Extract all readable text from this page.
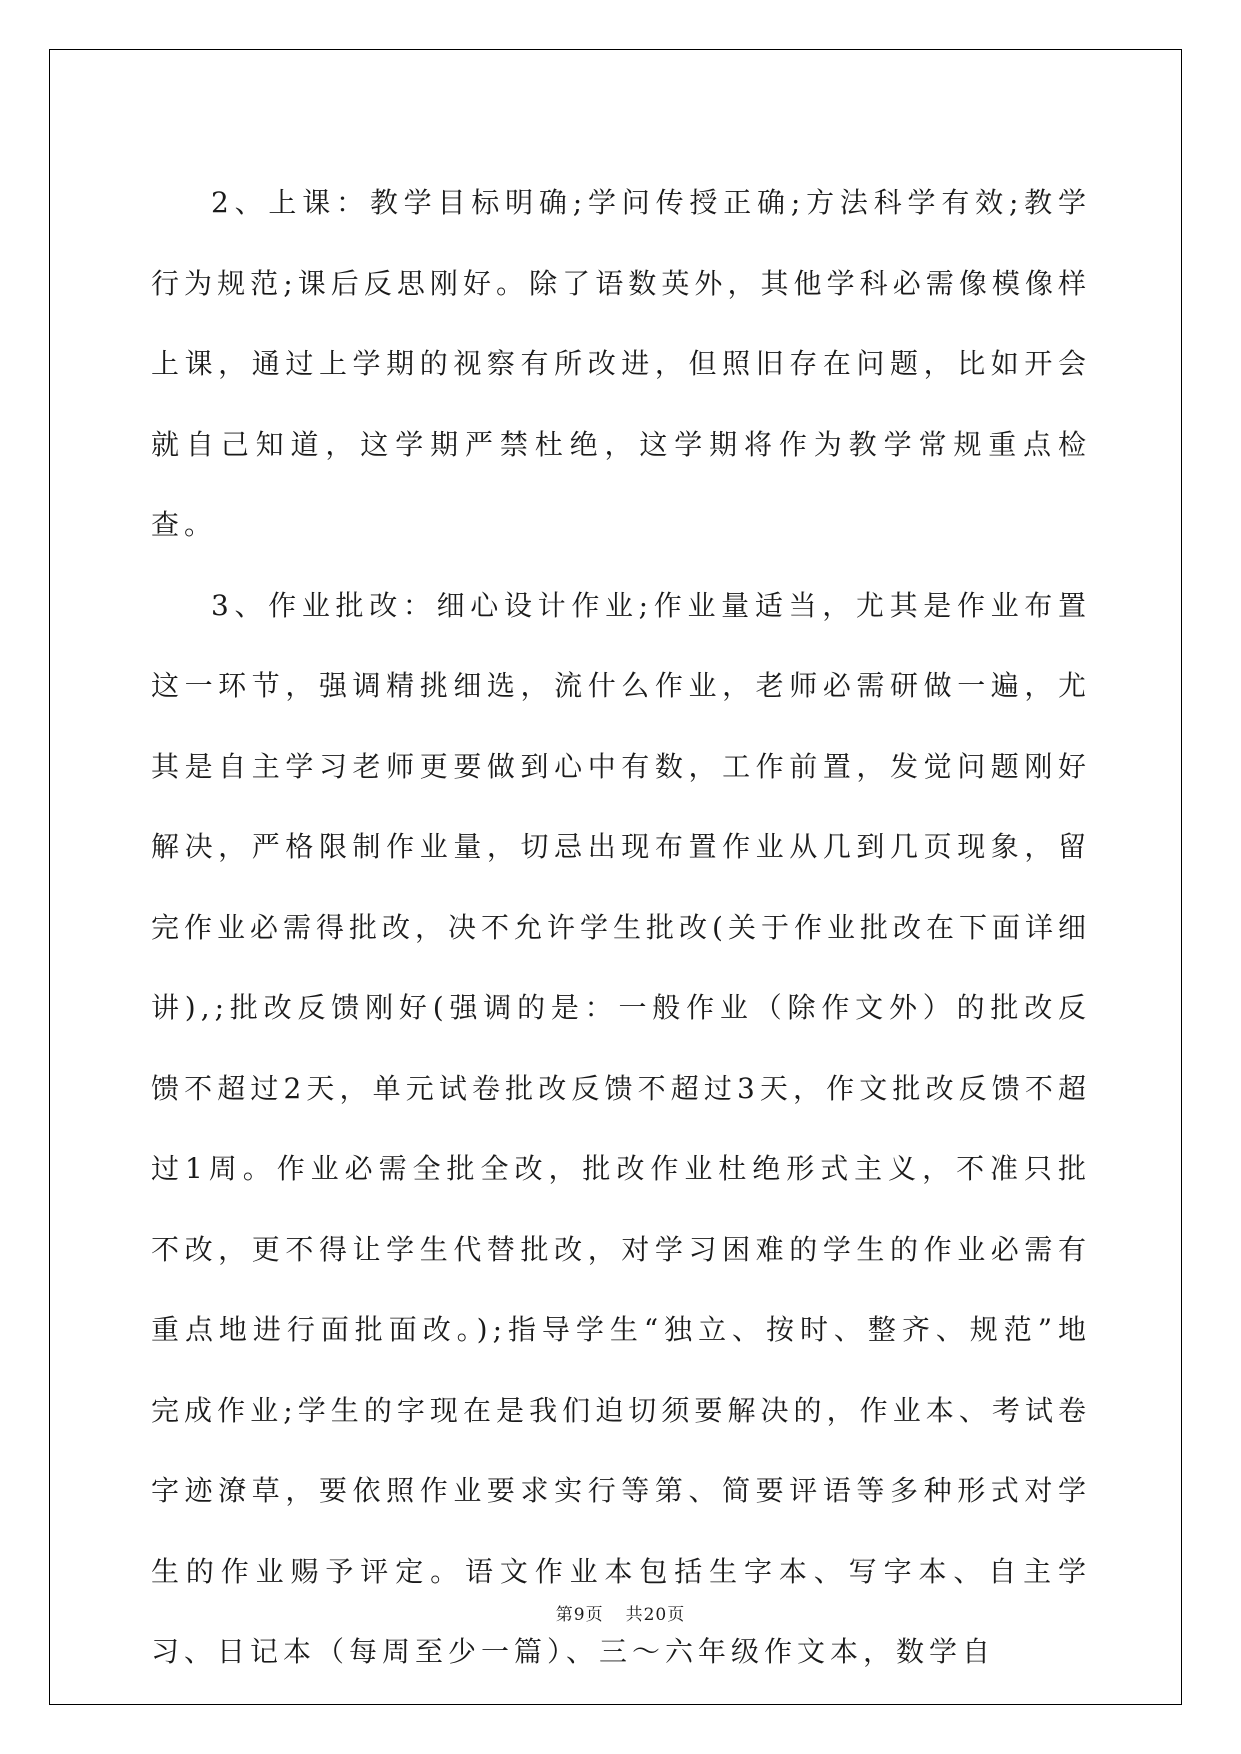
2、上课：教学目标明确;学问传授正确;方法科学有效;教学行为规范;课后反思刚好。除了语数英外，其他学科必需像模像样上课，通过上学期的视察有所改进，但照旧存在问题，比如开会就自己知道，这学期严禁杜绝，这学期将作为教学常规重点检查。

3、作业批改：细心设计作业;作业量适当，尤其是作业布置这一环节，强调精挑细选，流什么作业，老师必需研做一遍，尤其是自主学习老师更要做到心中有数，工作前置，发觉问题刚好解决，严格限制作业量，切忌出现布置作业从几到几页现象，留完作业必需得批改，决不允许学生批改(关于作业批改在下面详细讲),;批改反馈刚好(强调的是：一般作业（除作文外）的批改反馈不超过2天，单元试卷批改反馈不超过3天，作文批改反馈不超过1周。作业必需全批全改，批改作业杜绝形式主义，不准只批不改，更不得让学生代替批改，对学习困难的学生的作业必需有重点地进行面批面改。);指导学生“独立、按时、整齐、规范”地完成作业;学生的字现在是我们迫切须要解决的，作业本、考试卷字迹潦草，要依照作业要求实行等第、简要评语等多种形式对学生的作业赐予评定。语文作业本包括生字本、写字本、自主学习、日记本（每周至少一篇）、三～六年级作文本，数学自

第9页 共20页
